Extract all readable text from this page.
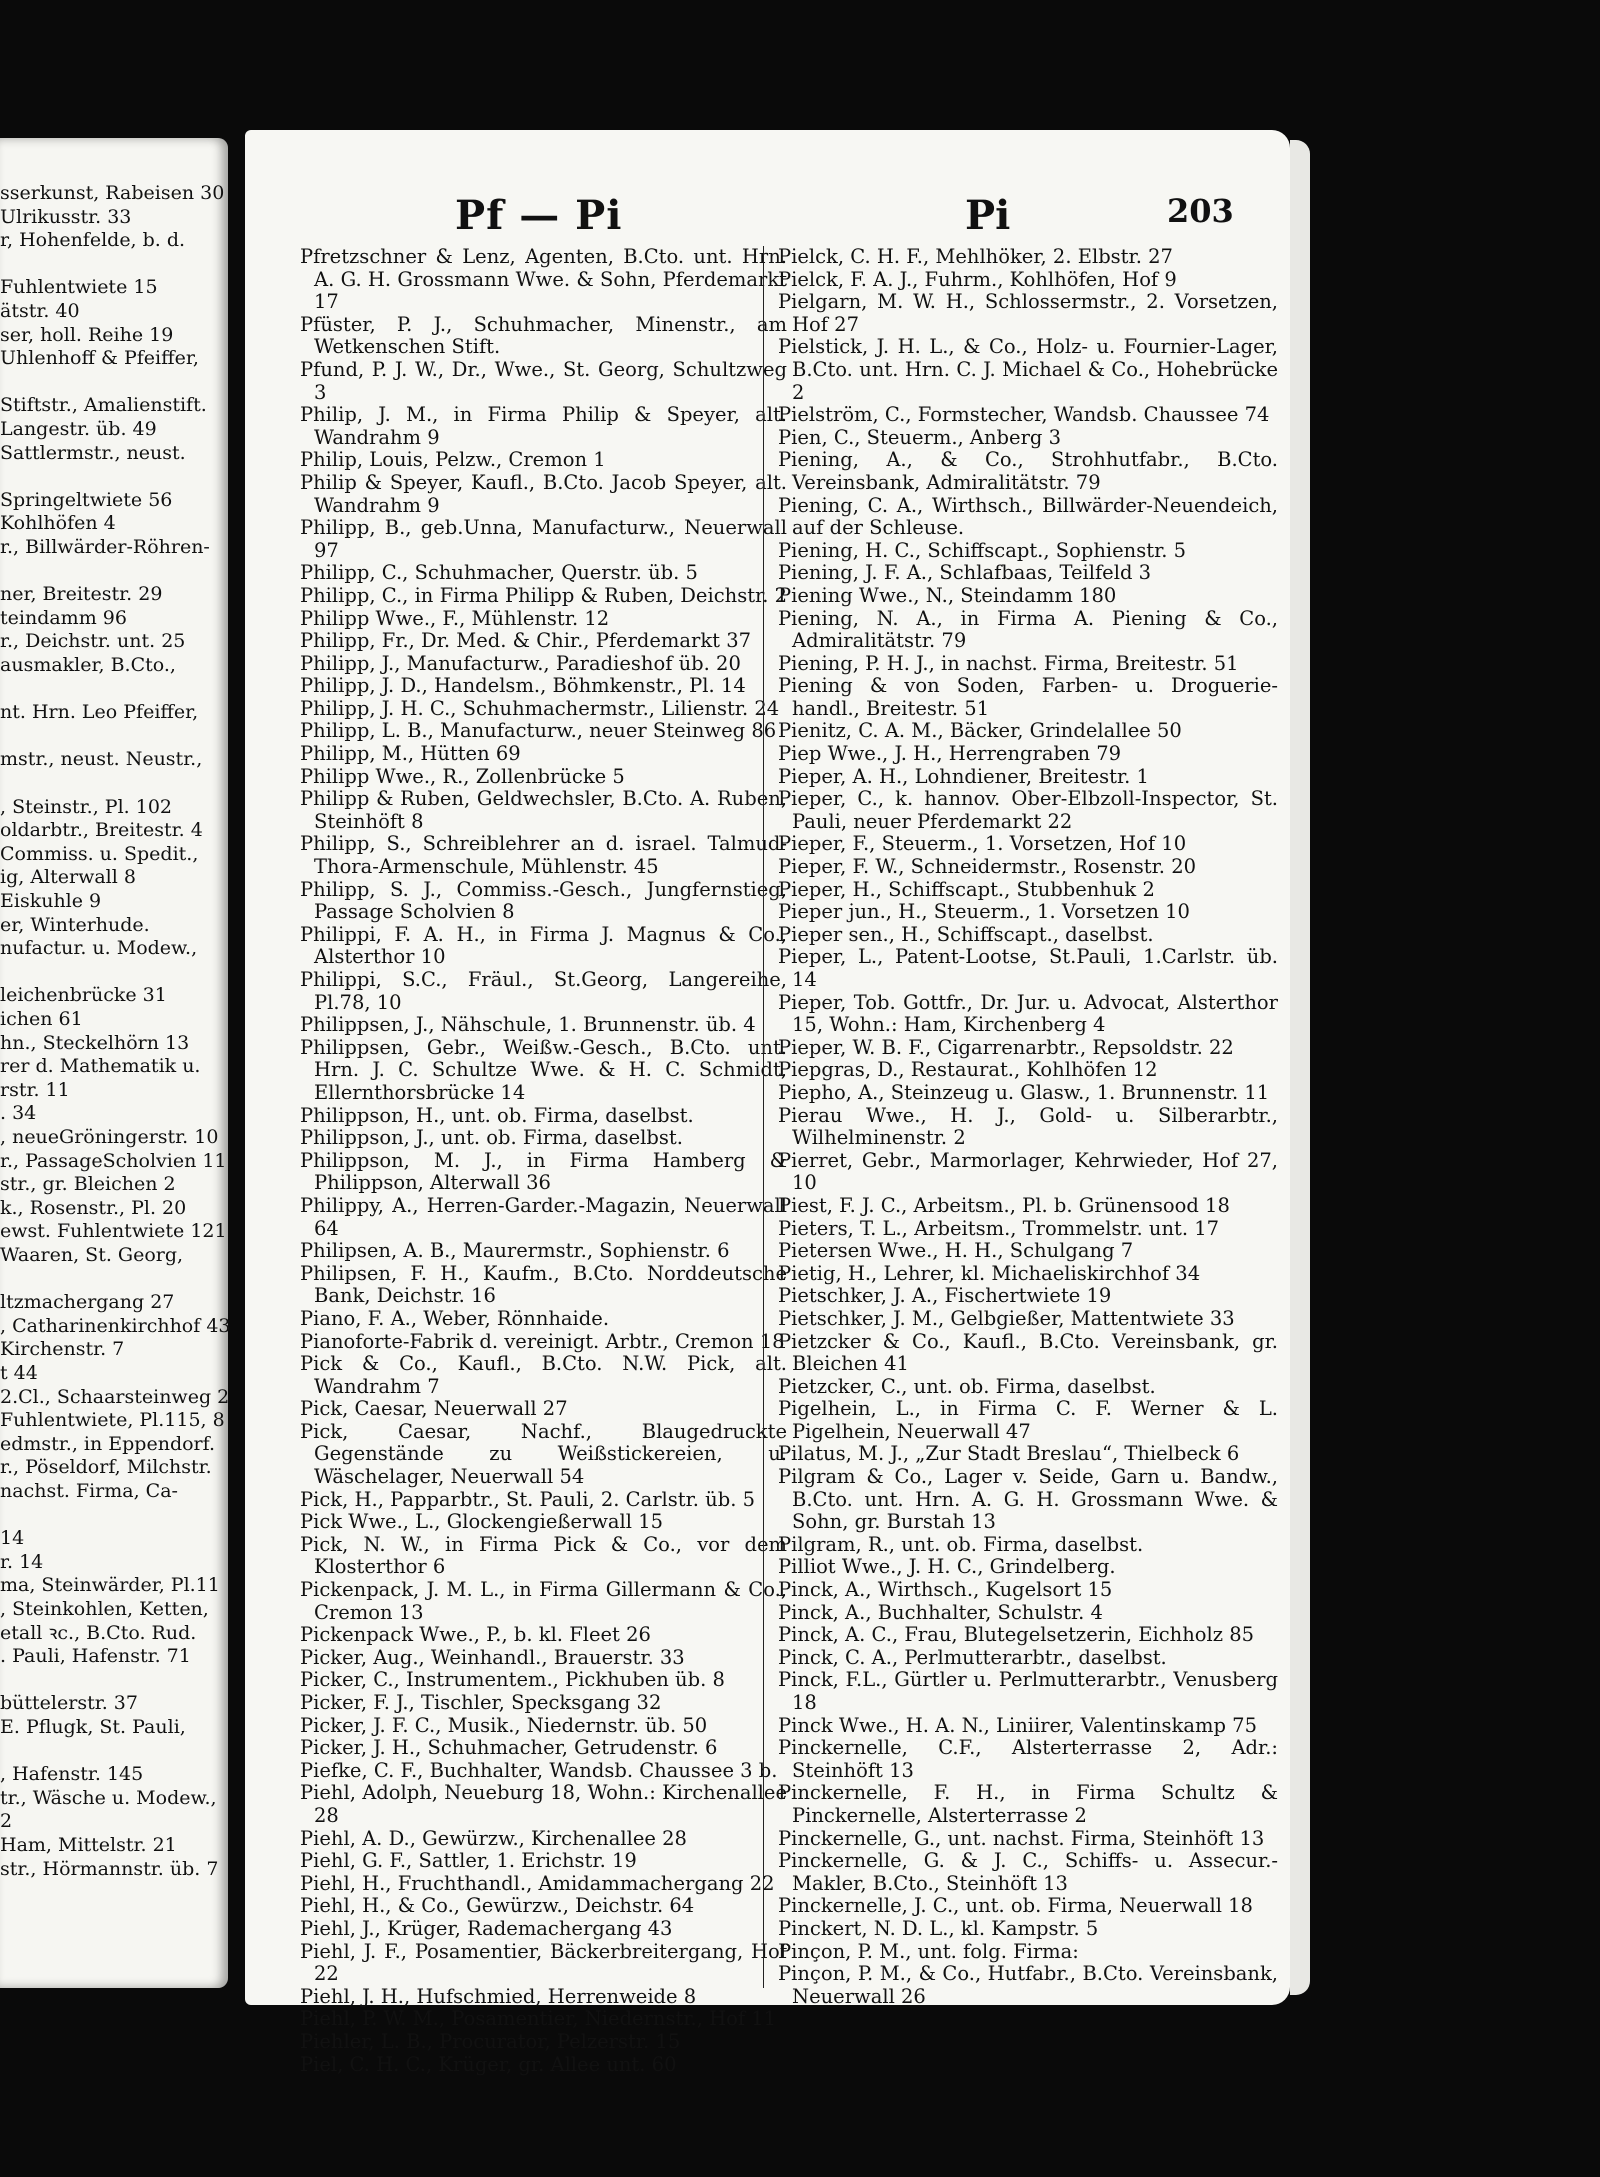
sserkunst, Rabeisen 30
Ulrikusstr. 33
r, Hohenfelde, b. d.
Fuhlentwiete 15
ätstr. 40
ser, holl. Reihe 19
Uhlenhoff & Pfeiffer,
Stiftstr., Amalienstift.
Langestr. üb. 49
Sattlermstr., neust.
Springeltwiete 56
Kohlhöfen 4
r., Billwärder-Röhren-
ner, Breitestr. 29
teindamm 96
r., Deichstr. unt. 25
ausmakler, B.Cto.,
nt. Hrn. Leo Pfeiffer,
mstr., neust. Neustr.,
, Steinstr., Pl. 102
oldarbtr., Breitestr. 4
Commiss. u. Spedit.,
ig, Alterwall 8
Eiskuhle 9
er, Winterhude.
nufactur. u. Modew.,
leichenbrücke 31
ichen 61
hn., Steckelhörn 13
rer d. Mathematik u.
rstr. 11
. 34
, neueGröningerstr. 10
r., PassageScholvien 11
str., gr. Bleichen 2
k., Rosenstr., Pl. 20
ewst. Fuhlentwiete 121
Waaren, St. Georg,
ltzmachergang 27
, Catharinenkirchhof 43
Kirchenstr. 7
t 44
2.Cl., Schaarsteinweg 2
Fuhlentwiete, Pl.115, 8
edmstr., in Eppendorf.
r., Pöseldorf, Milchstr.
nachst. Firma, Ca-
14
r. 14
ma, Steinwärder, Pl.11
, Steinkohlen, Ketten,
etall ꝛc., B.Cto. Rud.
. Pauli, Hafenstr. 71
büttelerstr. 37
E. Pflugk, St. Pauli,
, Hafenstr. 145
tr., Wäsche u. Modew.,
2
Ham, Mittelstr. 21
str., Hörmannstr. üb. 7
Pf — Pi	Pi	203
Pfretzschner & Lenz, Agenten, B.Cto. unt. Hrn. A. G. H. Grossmann Wwe. & Sohn, Pferdemarkt 17
Pfüster, P. J., Schuhmacher, Minenstr., am Wetkenschen Stift.
Pfund, P. J. W., Dr., Wwe., St. Georg, Schultzweg 3
Philip, J. M., in Firma Philip & Speyer, alt. Wandrahm 9
Philip, Louis, Pelzw., Cremon 1
Philip & Speyer, Kaufl., B.Cto. Jacob Speyer, alt. Wandrahm 9
Philipp, B., geb.Unna, Manufacturw., Neuerwall 97
Philipp, C., Schuhmacher, Querstr. üb. 5
Philipp, C., in Firma Philipp & Ruben, Deichstr. 2
Philipp Wwe., F., Mühlenstr. 12
Philipp, Fr., Dr. Med. & Chir., Pferdemarkt 37
Philipp, J., Manufacturw., Paradieshof üb. 20
Philipp, J. D., Handelsm., Böhmkenstr., Pl. 14
Philipp, J. H. C., Schuhmachermstr., Lilienstr. 24
Philipp, L. B., Manufacturw., neuer Steinweg 86
Philipp, M., Hütten 69
Philipp Wwe., R., Zollenbrücke 5
Philipp & Ruben, Geldwechsler, B.Cto. A. Ruben, Steinhöft 8
Philipp, S., Schreiblehrer an d. israel. Talmud-Thora-Armenschule, Mühlenstr. 45
Philipp, S. J., Commiss.-Gesch., Jungfernstieg, Passage Scholvien 8
Philippi, F. A. H., in Firma J. Magnus & Co., Alsterthor 10
Philippi, S.C., Fräul., St.Georg, Langereihe, Pl.78, 10
Philippsen, J., Nähschule, 1. Brunnenstr. üb. 4
Philippsen, Gebr., Weißw.-Gesch., B.Cto. unt. Hrn. J. C. Schultze Wwe. & H. C. Schmidt, Ellernthorsbrücke 14
Philippson, H., unt. ob. Firma, daselbst.
Philippson, J., unt. ob. Firma, daselbst.
Philippson, M. J., in Firma Hamberg & Philippson, Alterwall 36
Philippy, A., Herren-Garder.-Magazin, Neuerwall 64
Philipsen, A. B., Maurermstr., Sophienstr. 6
Philipsen, F. H., Kaufm., B.Cto. Norddeutsche Bank, Deichstr. 16
Piano, F. A., Weber, Rönnhaide.
Pianoforte-Fabrik d. vereinigt. Arbtr., Cremon 18
Pick & Co., Kaufl., B.Cto. N.W. Pick, alt. Wandrahm 7
Pick, Caesar, Neuerwall 27
Pick, Caesar, Nachf., Blaugedruckte Gegenstände zu Weißstickereien, u. Wäschelager, Neuerwall 54
Pick, H., Papparbtr., St. Pauli, 2. Carlstr. üb. 5
Pick Wwe., L., Glockengießerwall 15
Pick, N. W., in Firma Pick & Co., vor dem Klosterthor 6
Pickenpack, J. M. L., in Firma Gillermann & Co., Cremon 13
Pickenpack Wwe., P., b. kl. Fleet 26
Picker, Aug., Weinhandl., Brauerstr. 33
Picker, C., Instrumentem., Pickhuben üb. 8
Picker, F. J., Tischler, Specksgang 32
Picker, J. F. C., Musik., Niedernstr. üb. 50
Picker, J. H., Schuhmacher, Getrudenstr. 6
Piefke, C. F., Buchhalter, Wandsb. Chaussee 3 b.
Piehl, Adolph, Neueburg 18, Wohn.: Kirchenallee 28
Piehl, A. D., Gewürzw., Kirchenallee 28
Piehl, G. F., Sattler, 1. Erichstr. 19
Piehl, H., Fruchthandl., Amidammachergang 22
Piehl, H., & Co., Gewürzw., Deichstr. 64
Piehl, J., Krüger, Rademachergang 43
Piehl, J. F., Posamentier, Bäckerbreitergang, Hof 22
Piehl, J. H., Hufschmied, Herrenweide 8
Piehl, P. W. M., Posamentier, Niedernstr., Hof 11
Piehler, L. B., Procurator, Pelzerstr. 15
Piel, C. H. C., Krüger, gr. Allee unt. 60
Pielck, C. H. F., Mehlhöker, 2. Elbstr. 27
Pielck, F. A. J., Fuhrm., Kohlhöfen, Hof 9
Pielgarn, M. W. H., Schlossermstr., 2. Vorsetzen, Hof 27
Pielstick, J. H. L., & Co., Holz- u. Fournier-Lager, B.Cto. unt. Hrn. C. J. Michael & Co., Hohebrücke 2
Pielström, C., Formstecher, Wandsb. Chaussee 74
Pien, C., Steuerm., Anberg 3
Piening, A., & Co., Strohhutfabr., B.Cto. Vereinsbank, Admiralitätstr. 79
Piening, C. A., Wirthsch., Billwärder-Neuendeich, auf der Schleuse.
Piening, H. C., Schiffscapt., Sophienstr. 5
Piening, J. F. A., Schlafbaas, Teilfeld 3
Piening Wwe., N., Steindamm 180
Piening, N. A., in Firma A. Piening & Co., Admiralitätstr. 79
Piening, P. H. J., in nachst. Firma, Breitestr. 51
Piening & von Soden, Farben- u. Droguerie-handl., Breitestr. 51
Pienitz, C. A. M., Bäcker, Grindelallee 50
Piep Wwe., J. H., Herrengraben 79
Pieper, A. H., Lohndiener, Breitestr. 1
Pieper, C., k. hannov. Ober-Elbzoll-Inspector, St. Pauli, neuer Pferdemarkt 22
Pieper, F., Steuerm., 1. Vorsetzen, Hof 10
Pieper, F. W., Schneidermstr., Rosenstr. 20
Pieper, H., Schiffscapt., Stubbenhuk 2
Pieper jun., H., Steuerm., 1. Vorsetzen 10
Pieper sen., H., Schiffscapt., daselbst.
Pieper, L., Patent-Lootse, St.Pauli, 1.Carlstr. üb. 14
Pieper, Tob. Gottfr., Dr. Jur. u. Advocat, Alsterthor 15, Wohn.: Ham, Kirchenberg 4
Pieper, W. B. F., Cigarrenarbtr., Repsoldstr. 22
Piepgras, D., Restaurat., Kohlhöfen 12
Piepho, A., Steinzeug u. Glasw., 1. Brunnenstr. 11
Pierau Wwe., H. J., Gold- u. Silberarbtr., Wilhelminenstr. 2
Pierret, Gebr., Marmorlager, Kehrwieder, Hof 27, 10
Piest, F. J. C., Arbeitsm., Pl. b. Grünensood 18
Pieters, T. L., Arbeitsm., Trommelstr. unt. 17
Pietersen Wwe., H. H., Schulgang 7
Pietig, H., Lehrer, kl. Michaeliskirchhof 34
Pietschker, J. A., Fischertwiete 19
Pietschker, J. M., Gelbgießer, Mattentwiete 33
Pietzcker & Co., Kaufl., B.Cto. Vereinsbank, gr. Bleichen 41
Pietzcker, C., unt. ob. Firma, daselbst.
Pigelhein, L., in Firma C. F. Werner & L. Pigelhein, Neuerwall 47
Pilatus, M. J., „Zur Stadt Breslau“, Thielbeck 6
Pilgram & Co., Lager v. Seide, Garn u. Bandw., B.Cto. unt. Hrn. A. G. H. Grossmann Wwe. & Sohn, gr. Burstah 13
Pilgram, R., unt. ob. Firma, daselbst.
Pilliot Wwe., J. H. C., Grindelberg.
Pinck, A., Wirthsch., Kugelsort 15
Pinck, A., Buchhalter, Schulstr. 4
Pinck, A. C., Frau, Blutegelsetzerin, Eichholz 85
Pinck, C. A., Perlmutterarbtr., daselbst.
Pinck, F.L., Gürtler u. Perlmutterarbtr., Venusberg 18
Pinck Wwe., H. A. N., Liniirer, Valentinskamp 75
Pinckernelle, C.F., Alsterterrasse 2, Adr.: Steinhöft 13
Pinckernelle, F. H., in Firma Schultz & Pinckernelle, Alsterterrasse 2
Pinckernelle, G., unt. nachst. Firma, Steinhöft 13
Pinckernelle, G. & J. C., Schiffs- u. Assecur.-Makler, B.Cto., Steinhöft 13
Pinckernelle, J. C., unt. ob. Firma, Neuerwall 18
Pinckert, N. D. L., kl. Kampstr. 5
Pinçon, P. M., unt. folg. Firma:
Pinçon, P. M., & Co., Hutfabr., B.Cto. Vereinsbank, Neuerwall 26
